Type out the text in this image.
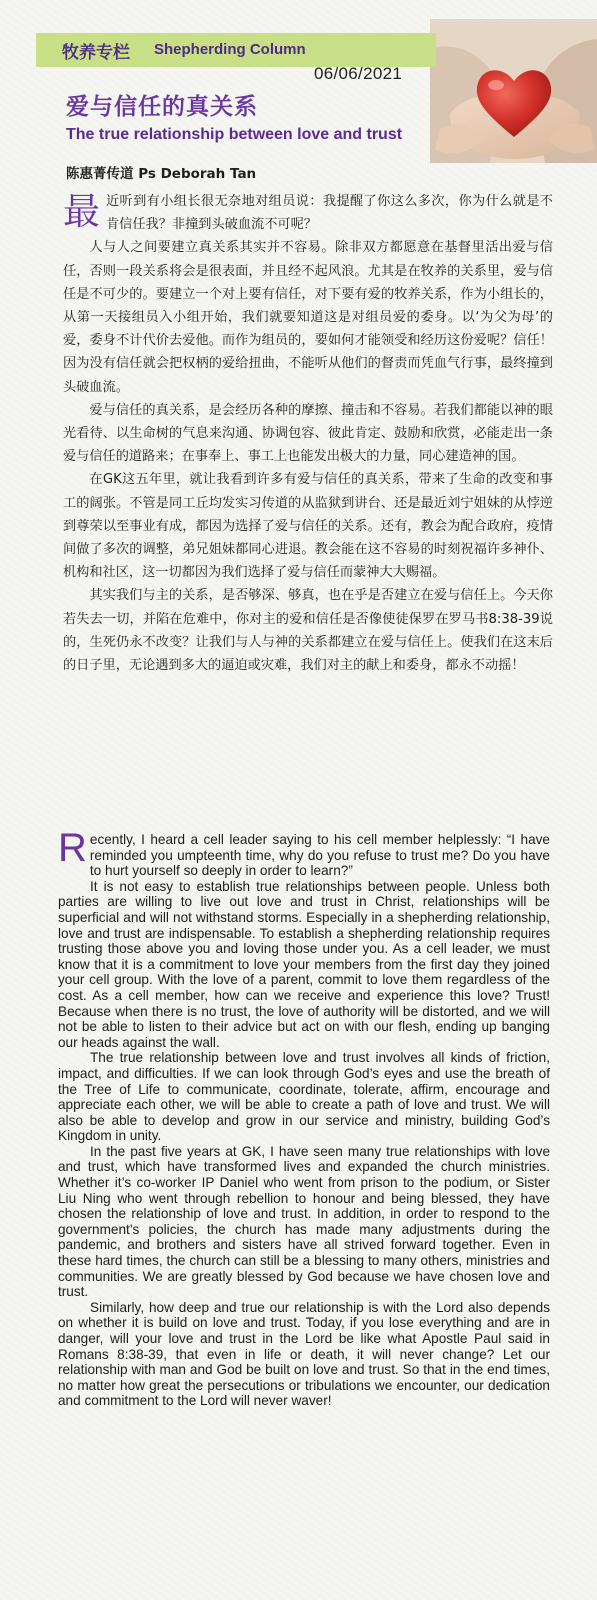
牧养专栏 Shepherding Column
06/06/2021
爱与信任的真关系
The true relationship between love and trust
陈惠菁传道 Ps Deborah Tan

最近听到有小组长很无奈地对组员说：我提醒了你这么多次，你为什么就是不肯信任我？非撞到头破血流不可呢？

人与人之间要建立真关系其实并不容易。除非双方都愿意在基督里活出爱与信任，否则一段关系将会是很表面，并且经不起风浪。尤其是在牧养的关系里，爱与信任是不可少的。要建立一个对上要有信任，对下要有爱的牧养关系，作为小组长的，从第一天接组员入小组开始，我们就要知道这是对组员爱的委身。以‘为父为母’的爱，委身不计代价去爱他。而作为组员的，要如何才能领受和经历这份爱呢？信任！因为没有信任就会把权柄的爱给扭曲，不能听从他们的督责而凭血气行事，最终撞到头破血流。

爱与信任的真关系，是会经历各种的摩擦、撞击和不容易。若我们都能以神的眼光看待、以生命树的气息来沟通、协调包容、彼此肯定、鼓励和欣赏，必能走出一条爱与信任的道路来；在事奉上、事工上也能发出极大的力量，同心建造神的国。

在GK这五年里，就让我看到许多有爱与信任的真关系，带来了生命的改变和事工的阔张。不管是同工丘均发实习传道的从监狱到讲台、还是最近刘宁姐妹的从悖逆到尊荣以至事业有成，都因为选择了爱与信任的关系。还有，教会为配合政府，疫情间做了多次的调整，弟兄姐妹都同心进退。教会能在这不容易的时刻祝福许多神仆、机构和社区，这一切都因为我们选择了爱与信任而蒙神大大赐福。

其实我们与主的关系，是否够深、够真，也在乎是否建立在爱与信任上。今天你若失去一切，并陷在危难中，你对主的爱和信任是否像使徒保罗在罗马书8:38-39说的，生死仍永不改变？让我们与人与神的关系都建立在爱与信任上。使我们在这末后的日子里，无论遇到多大的逼迫或灾难，我们对主的献上和委身，都永不动摇！

Recently, I heard a cell leader saying to his cell member helplessly: “I have reminded you umpteenth time, why do you refuse to trust me? Do you have to hurt yourself so deeply in order to learn?”

It is not easy to establish true relationships between people. Unless both parties are willing to live out love and trust in Christ, relationships will be superficial and will not withstand storms. Especially in a shepherding relationship, love and trust are indispensable. To establish a shepherding relationship requires trusting those above you and loving those under you. As a cell leader, we must know that it is a commitment to love your members from the first day they joined your cell group. With the love of a parent, commit to love them regardless of the cost. As a cell member, how can we receive and experience this love? Trust! Because when there is no trust, the love of authority will be distorted, and we will not be able to listen to their advice but act on with our flesh, ending up banging our heads against the wall.

The true relationship between love and trust involves all kinds of friction, impact, and difficulties. If we can look through God’s eyes and use the breath of the Tree of Life to communicate, coordinate, tolerate, affirm, encourage and appreciate each other, we will be able to create a path of love and trust. We will also be able to develop and grow in our service and ministry, building God’s Kingdom in unity.

In the past five years at GK, I have seen many true relationships with love and trust, which have transformed lives and expanded the church ministries. Whether it’s co-worker IP Daniel who went from prison to the podium, or Sister Liu Ning who went through rebellion to honour and being blessed, they have chosen the relationship of love and trust. In addition, in order to respond to the government’s policies, the church has made many adjustments during the pandemic, and brothers and sisters have all strived forward together. Even in these hard times, the church can still be a blessing to many others, ministries and communities. We are greatly blessed by God because we have chosen love and trust.

Similarly, how deep and true our relationship is with the Lord also depends on whether it is build on love and trust. Today, if you lose everything and are in danger, will your love and trust in the Lord be like what Apostle Paul said in Romans 8:38-39, that even in life or death, it will never change? Let our relationship with man and God be built on love and trust. So that in the end times, no matter how great the persecutions or tribulations we encounter, our dedication and commitment to the Lord will never waver!
